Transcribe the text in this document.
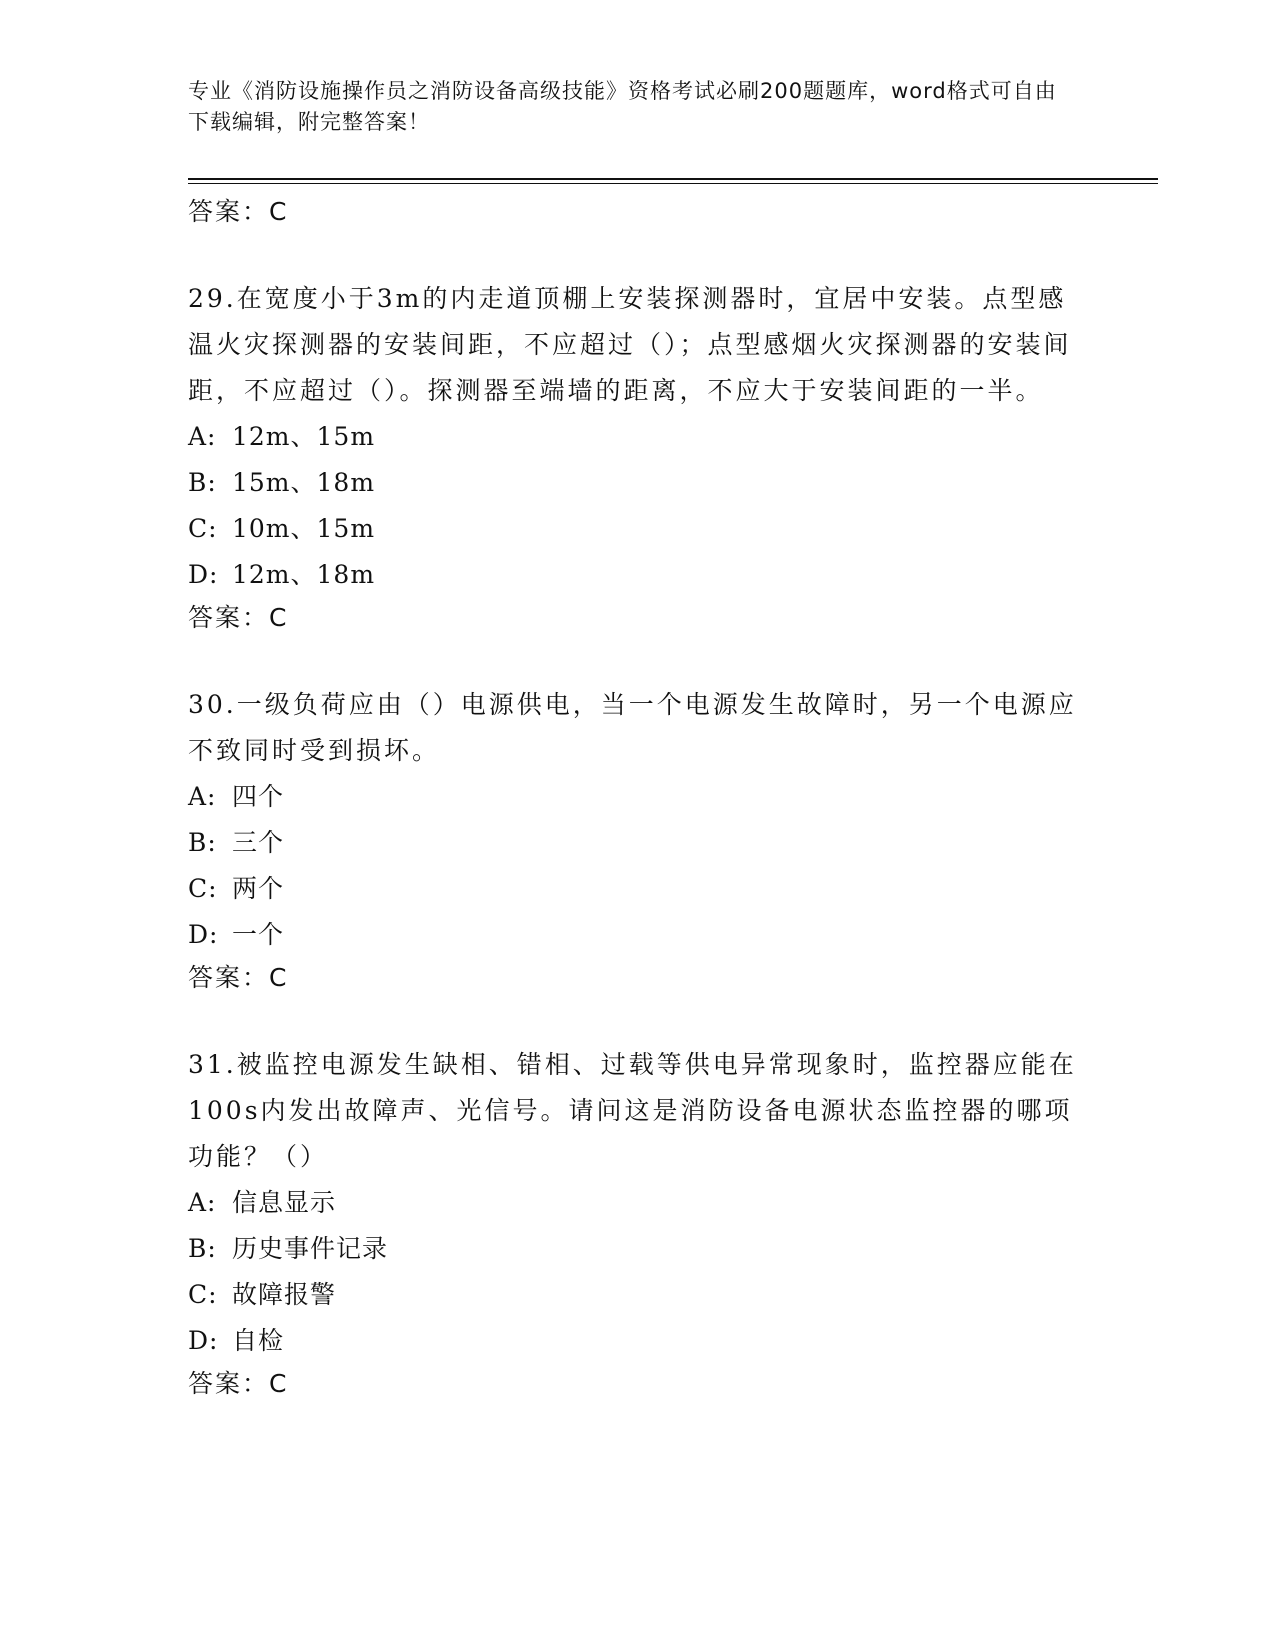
专业《消防设施操作员之消防设备高级技能》资格考试必刷200题题库，word格式可自由下载编辑，附完整答案！
答案：C
29.在宽度小于3m的内走道顶棚上安装探测器时，宜居中安装。点型感温火灾探测器的安装间距，不应超过（）；点型感烟火灾探测器的安装间距，不应超过（）。探测器至端墙的距离，不应大于安装间距的一半。
A: 12m、15m
B: 15m、18m
C: 10m、15m
D: 12m、18m
答案：C
30.一级负荷应由（）电源供电，当一个电源发生故障时，另一个电源应不致同时受到损坏。
A: 四个
B: 三个
C: 两个
D: 一个
答案：C
31.被监控电源发生缺相、错相、过载等供电异常现象时，监控器应能在100s内发出故障声、光信号。请问这是消防设备电源状态监控器的哪项功能？（）
A: 信息显示
B: 历史事件记录
C: 故障报警
D: 自检
答案：C
